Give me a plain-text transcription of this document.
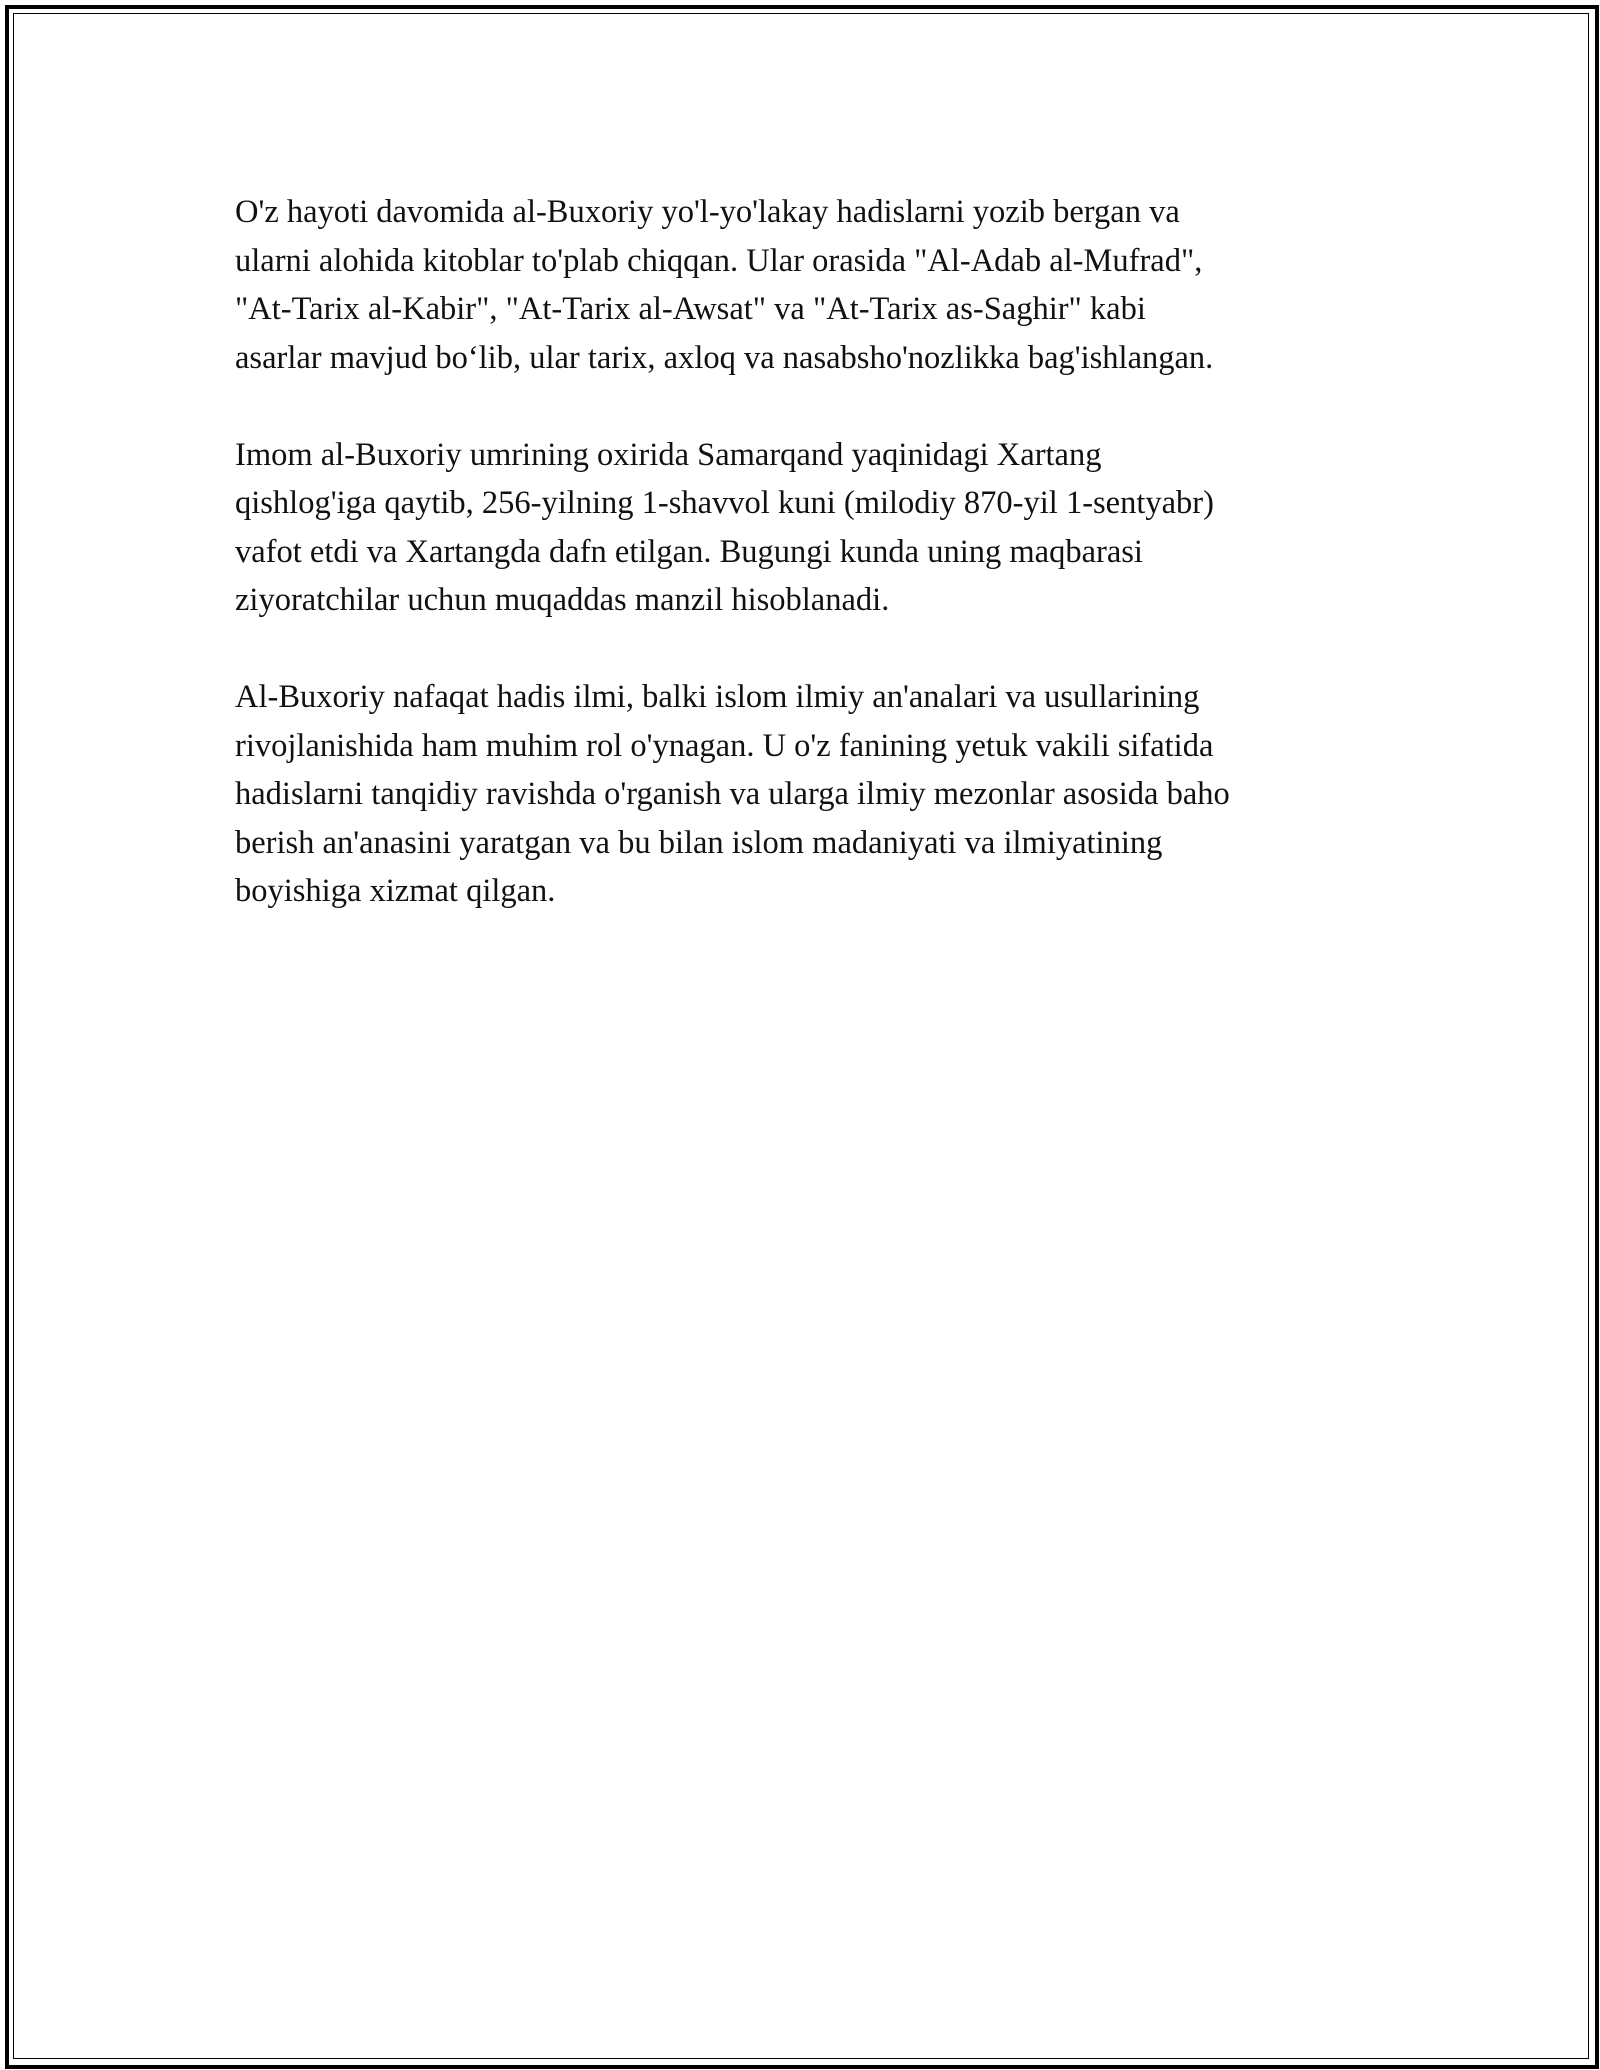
O'z hayoti davomida al-Buxoriy yo'l-yo'lakay hadislarni yozib bergan va
ularni alohida kitoblar to'plab chiqqan. Ular orasida "Al-Adab al-Mufrad",
"At-Tarix al-Kabir", "At-Tarix al-Awsat" va "At-Tarix as-Saghir" kabi
asarlar mavjud bo‘lib, ular tarix, axloq va nasabsho'nozlikka bag'ishlangan.

Imom al-Buxoriy umrining oxirida Samarqand yaqinidagi Xartang
qishlog'iga qaytib, 256-yilning 1-shavvol kuni (milodiy 870-yil 1-sentyabr)
vafot etdi va Xartangda dafn etilgan. Bugungi kunda uning maqbarasi
ziyoratchilar uchun muqaddas manzil hisoblanadi.

Al-Buxoriy nafaqat hadis ilmi, balki islom ilmiy an'analari va usullarining
rivojlanishida ham muhim rol o'ynagan. U o'z fanining yetuk vakili sifatida
hadislarni tanqidiy ravishda o'rganish va ularga ilmiy mezonlar asosida baho
berish an'anasini yaratgan va bu bilan islom madaniyati va ilmiyatining
boyishiga xizmat qilgan.
